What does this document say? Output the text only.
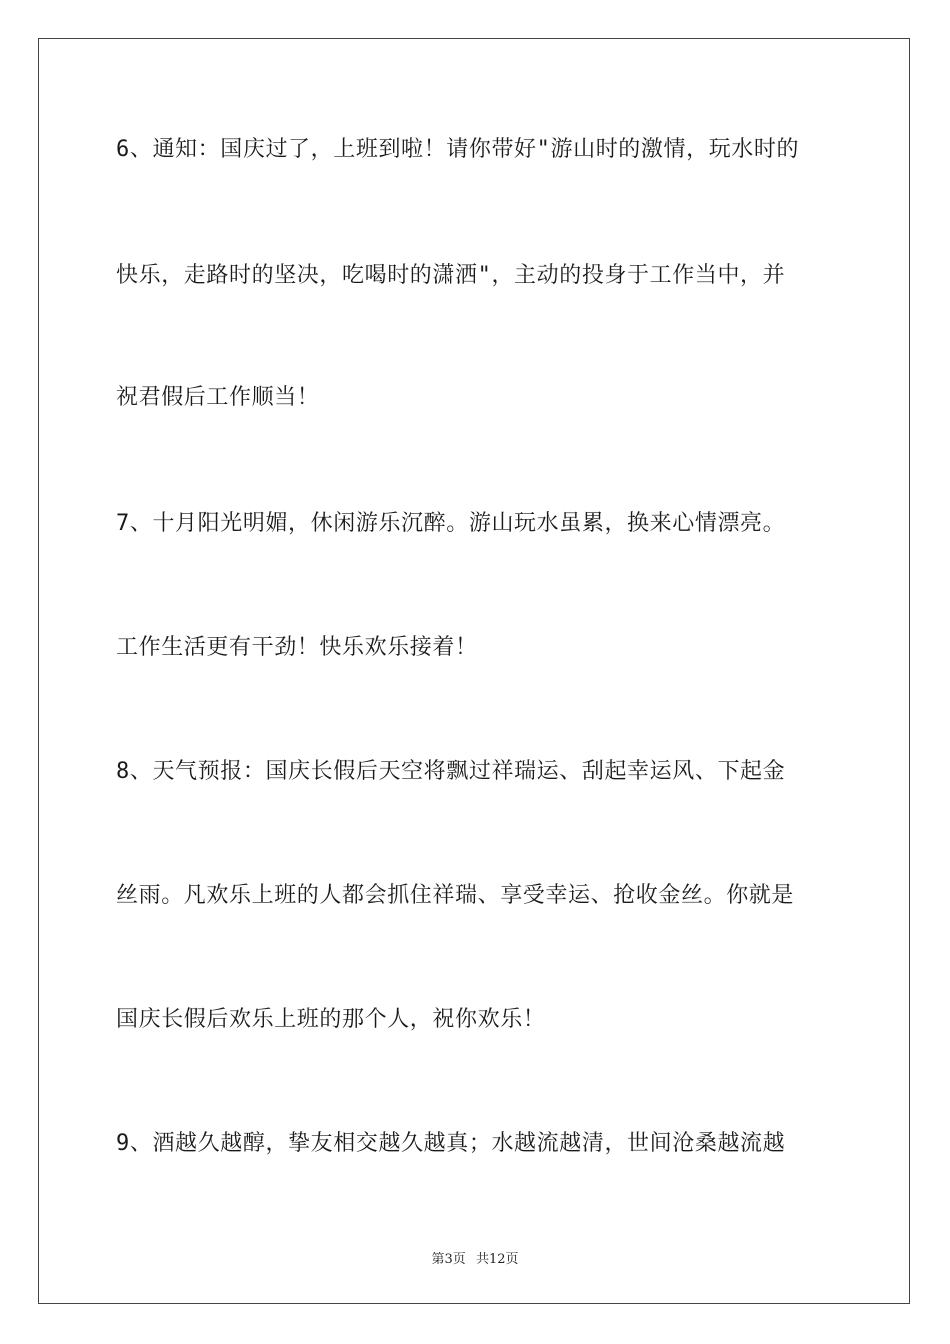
6、通知：国庆过了，上班到啦！请你带好"游山时的激情，玩水时的
快乐，走路时的坚决，吃喝时的潇洒"，主动的投身于工作当中，并
祝君假后工作顺当！
7、十月阳光明媚，休闲游乐沉醉。游山玩水虽累，换来心情漂亮。
工作生活更有干劲！快乐欢乐接着！
8、天气预报：国庆长假后天空将飘过祥瑞运、刮起幸运风、下起金
丝雨。凡欢乐上班的人都会抓住祥瑞、享受幸运、抢收金丝。你就是
国庆长假后欢乐上班的那个人，祝你欢乐！
9、酒越久越醇，挚友相交越久越真；水越流越清，世间沧桑越流越
第3页 共12页
